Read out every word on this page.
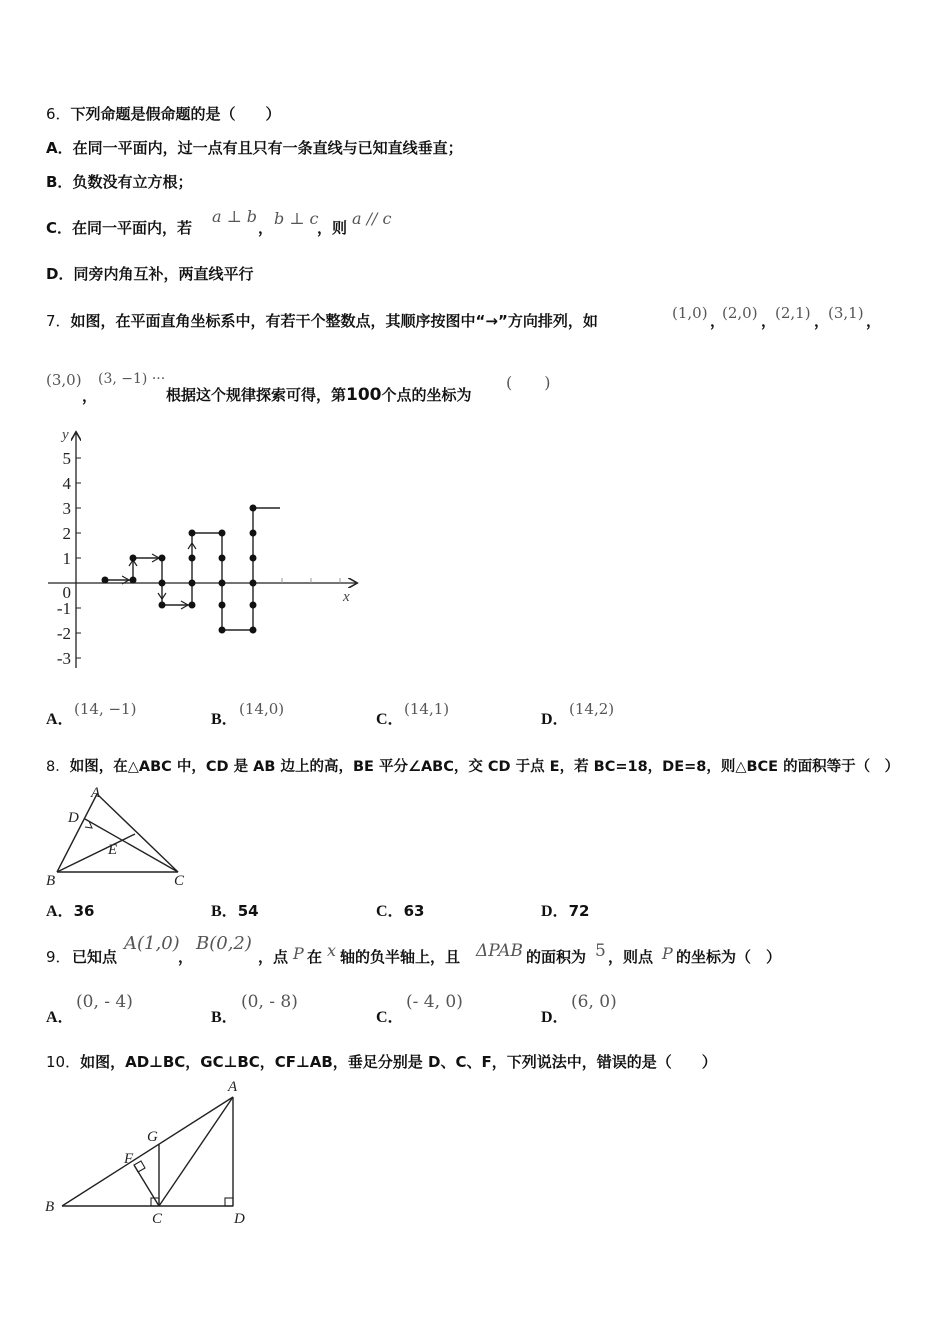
6．下列命题是假命题的是（　　）
A．在同一平面内，过一点有且只有一条直线与已知直线垂直；
B．负数没有立方根；
C．在同一平面内，若
a ⊥ b
， b ⊥ c
，则 a // c
D．同旁内角互补，两直线平行
7．如图，在平面直角坐标系中，有若干个整数点，其顺序按图中“→”方向排列，如	(1,0) ，
(2,0) ，
(2,1) ，
(3,1) ，
(3,0)
，
(3, −1) ···
根据这个规律探索可得，第100个点的坐标为
(　　)
y
x
5
4
3
2
1
0
-1
-2
-3
A．
(14, −1)
B．
(14,0)
C．
(14,1)
D．
(14,2)
8．如图，在△ABC 中，CD 是 AB 边上的高，BE 平分∠ABC，交 CD 于点 E，若 BC=18，DE=8，则△BCE 的面积等于（　）
A
D
E
B	C
A．36	B．54	C．63	D．72
9． 已知点
A(1,0)
，
B(0,2)
，点 P 在 x 轴的负半轴上，且 ΔPAB 的面积为 5 ，则点 P 的坐标为（　）
A．
(0, - 4)
B．
(0, - 8)
C．
(- 4, 0)
D．
(6, 0)
10．如图，AD⊥BC，GC⊥BC，CF⊥AB，垂足分别是 D、C、F，下列说法中，错误的是（　　）
A
G
F
B
C	D
